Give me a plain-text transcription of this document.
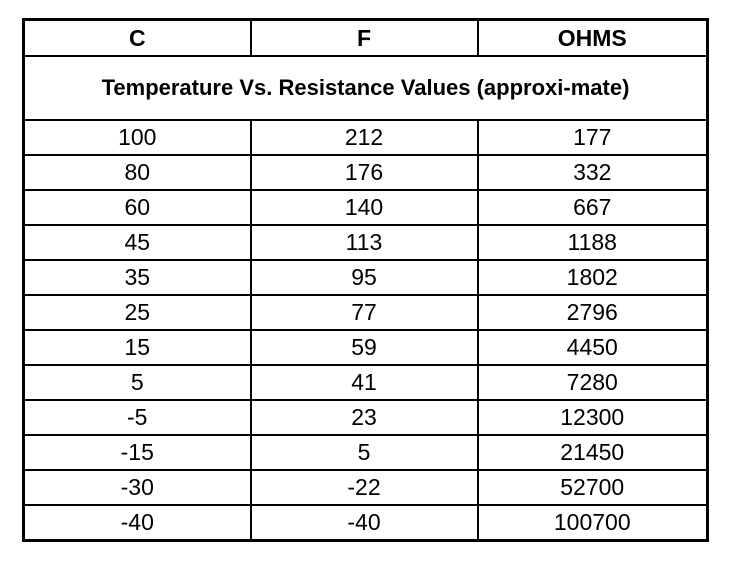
C	F	OHMS
Temperature Vs. Resistance Values (approxi-mate)		
100	212	177
80	176	332
60	140	667
45	113	1188
35	95	1802
25	77	2796
15	59	4450
5	41	7280
-5	23	12300
-15	5	21450
-30	-22	52700
-40	-40	100700
